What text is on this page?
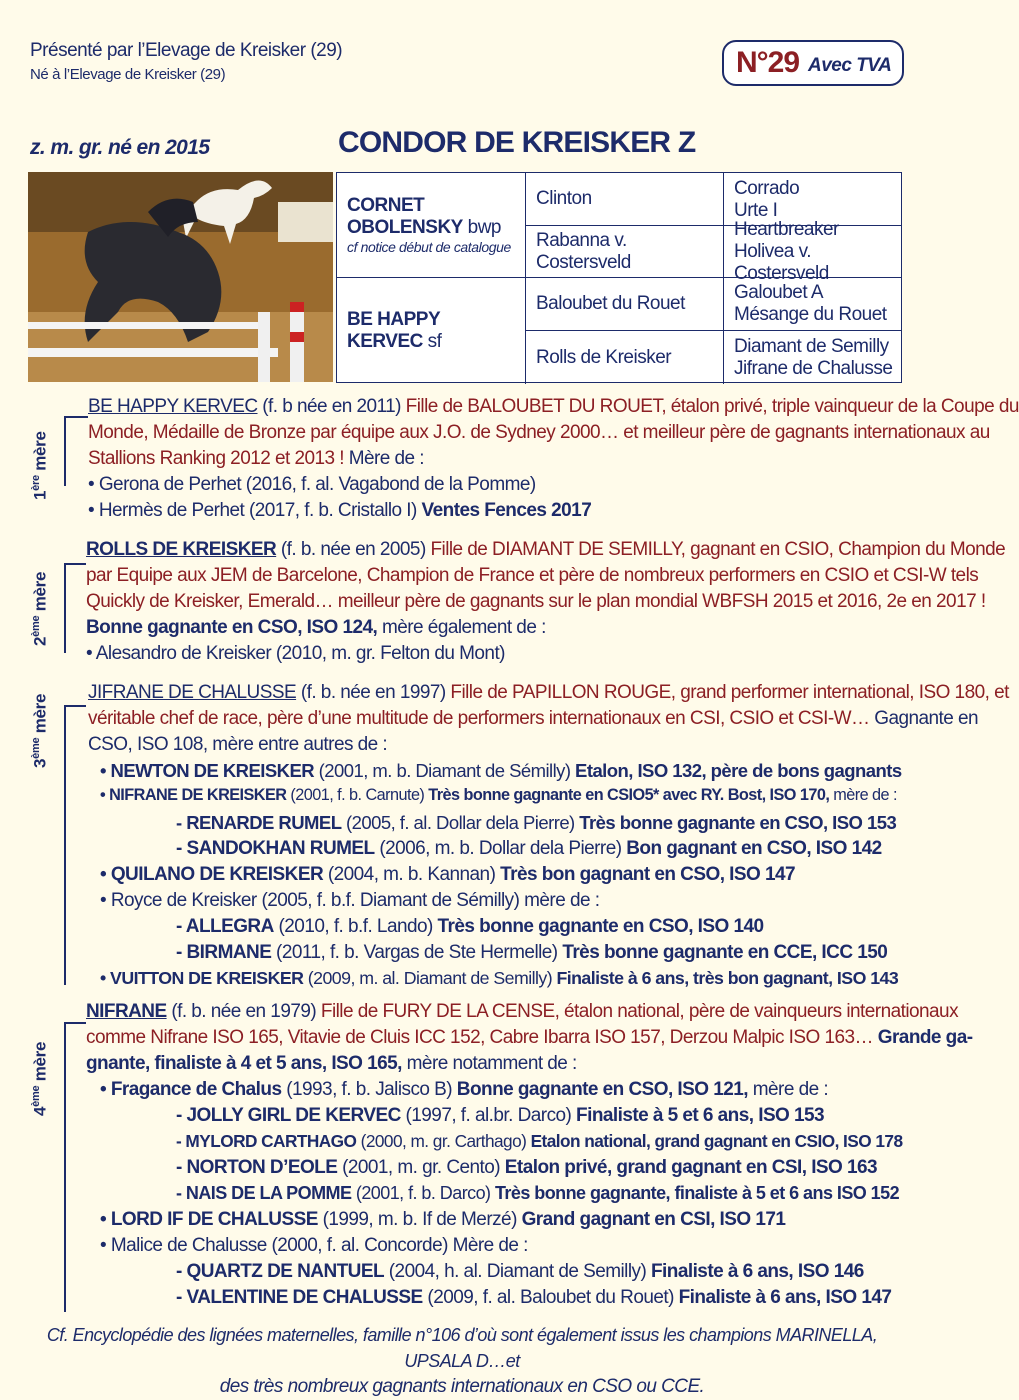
Présenté par l’Elevage de Kreisker (29)
Né à l’Elevage de Kreisker (29)	N°29 Avec TVA
z. m. gr. né en 2015	CONDOR DE KREISKER Z
CORNET
OBOLENSKY bwp
cf notice début de catalogue
BE HAPPY
KERVEC sf
Clinton
Rabanna v. Costersveld
Baloubet du Rouet
Rolls de Kreisker
Corrado
Urte I
Heartbreaker
Holivea v. Costersveld
Galoubet A
Mésange du Rouet
Diamant de Semilly
Jifrane de Chalusse
1ère mère
BE HAPPY KERVEC (f. b née en 2011) Fille de BALOUBET DU ROUET, étalon privé, triple vainqueur de la Coupe du
Monde, Médaille de Bronze par équipe aux J.O. de Sydney 2000… et meilleur père de gagnants internationaux au
Stallions Ranking 2012 et 2013 ! Mère de :
• Gerona de Perhet (2016, f. al. Vagabond de la Pomme)
• Hermès de Perhet (2017, f. b. Cristallo I) Ventes Fences 2017
2ème mère
ROLLS DE KREISKER (f. b. née en 2005) Fille de DIAMANT DE SEMILLY, gagnant en CSIO, Champion du Monde
par Equipe aux JEM de Barcelone, Champion de France et père de nombreux performers en CSIO et CSI-W tels
Quickly de Kreisker, Emerald… meilleur père de gagnants sur le plan mondial WBFSH 2015 et 2016, 2e en 2017 !
Bonne gagnante en CSO, ISO 124, mère également de :
• Alesandro de Kreisker (2010, m. gr. Felton du Mont)
3ème mère
JIFRANE DE CHALUSSE (f. b. née en 1997) Fille de PAPILLON ROUGE, grand performer international, ISO 180, et
véritable chef de race, père d’une multitude de performers internationaux en CSI, CSIO et CSI-W… Gagnante en
CSO, ISO 108, mère entre autres de :
• NEWTON DE KREISKER (2001, m. b. Diamant de Sémilly) Etalon, ISO 132, père de bons gagnants
• NIFRANE DE KREISKER (2001, f. b. Carnute) Très bonne gagnante en CSIO5* avec RY. Bost, ISO 170, mère de :
- RENARDE RUMEL (2005, f. al. Dollar dela Pierre) Très bonne gagnante en CSO, ISO 153
- SANDOKHAN RUMEL (2006, m. b. Dollar dela Pierre) Bon gagnant en CSO, ISO 142
• QUILANO DE KREISKER (2004, m. b. Kannan) Très bon gagnant en CSO, ISO 147
• Royce de Kreisker (2005, f. b.f. Diamant de Sémilly) mère de :
- ALLEGRA (2010, f. b.f. Lando) Très bonne gagnante en CSO, ISO 140
- BIRMANE (2011, f. b. Vargas de Ste Hermelle) Très bonne gagnante en CCE, ICC 150
• VUITTON DE KREISKER (2009, m. al. Diamant de Semilly) Finaliste à 6 ans, très bon gagnant, ISO 143
4ème mère
NIFRANE (f. b. née en 1979) Fille de FURY DE LA CENSE, étalon national, père de vainqueurs internationaux
comme Nifrane ISO 165, Vitavie de Cluis ICC 152, Cabre Ibarra ISO 157, Derzou Malpic ISO 163… Grande ga-
gnante, finaliste à 4 et 5 ans, ISO 165, mère notamment de :
• Fragance de Chalus (1993, f. b. Jalisco B) Bonne gagnante en CSO, ISO 121, mère de :
- JOLLY GIRL DE KERVEC (1997, f. al.br. Darco) Finaliste à 5 et 6 ans, ISO 153
- MYLORD CARTHAGO (2000, m. gr. Carthago) Etalon national, grand gagnant en CSIO, ISO 178
- NORTON D’EOLE (2001, m. gr. Cento) Etalon privé, grand gagnant en CSI, ISO 163
- NAIS DE LA POMME (2001, f. b. Darco) Très bonne gagnante, finaliste à 5 et 6 ans ISO 152
• LORD IF DE CHALUSSE (1999, m. b. If de Merzé) Grand gagnant en CSI, ISO 171
• Malice de Chalusse (2000, f. al. Concorde) Mère de :
- QUARTZ DE NANTUEL (2004, h. al. Diamant de Semilly) Finaliste à 6 ans, ISO 146
- VALENTINE DE CHALUSSE (2009, f. al. Baloubet du Rouet) Finaliste à 6 ans, ISO 147
Cf. Encyclopédie des lignées maternelles, famille n°106 d’où sont également issus les champions MARINELLA, UPSALA D…et
des très nombreux gagnants internationaux en CSO ou CCE.
